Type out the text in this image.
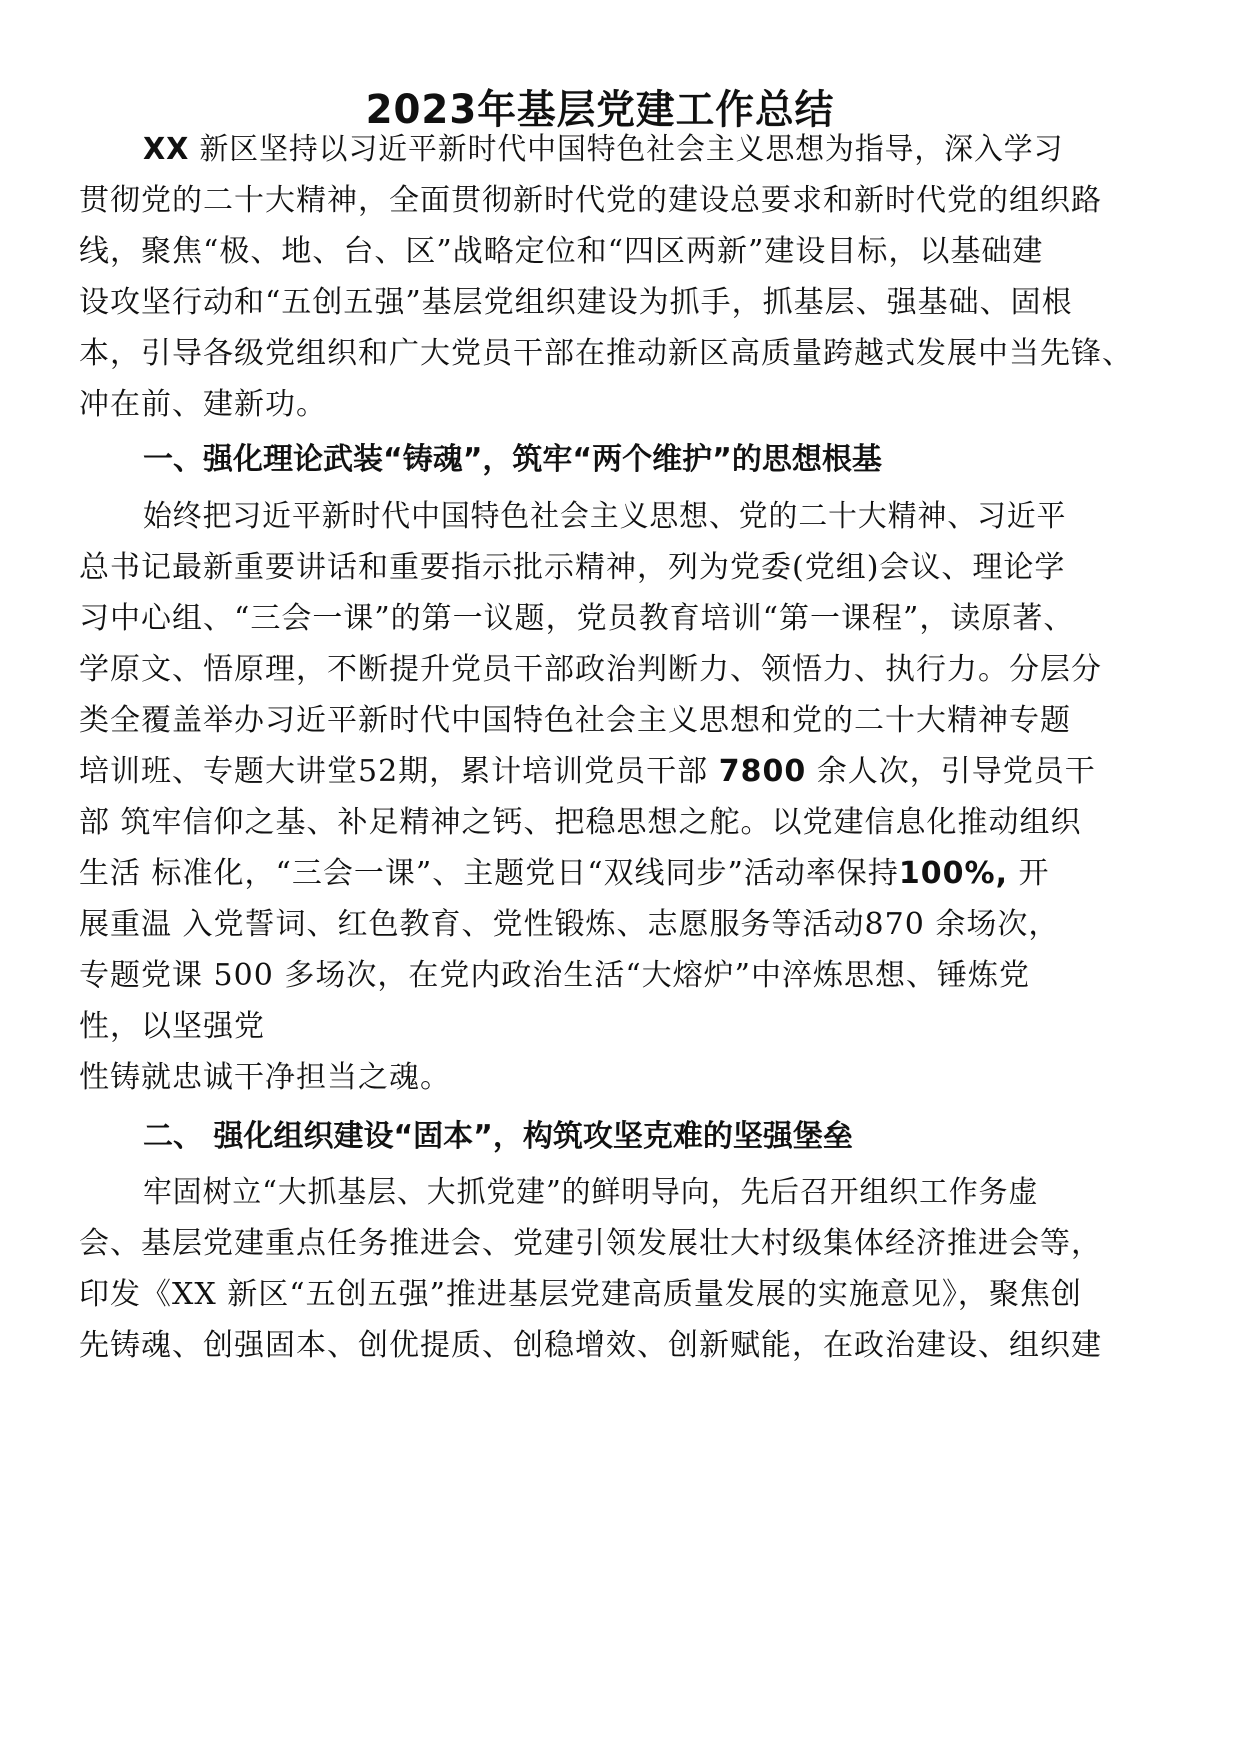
2023年基层党建工作总结
XX 新区坚持以习近平新时代中国特色社会主义思想为指导，深入学习
贯彻党的二十大精神，全面贯彻新时代党的建设总要求和新时代党的组织路
线，聚焦“极、地、台、区”战略定位和“四区两新”建设目标，以基础建
设攻坚行动和“五创五强”基层党组织建设为抓手，抓基层、强基础、固根
本，引导各级党组织和广大党员干部在推动新区高质量跨越式发展中当先锋、
冲在前、建新功。
一、强化理论武装“铸魂”，筑牢“两个维护”的思想根基
始终把习近平新时代中国特色社会主义思想、党的二十大精神、习近平
总书记最新重要讲话和重要指示批示精神，列为党委(党组)会议、理论学
习中心组、“三会一课”的第一议题，党员教育培训“第一课程”，读原著、
学原文、悟原理，不断提升党员干部政治判断力、领悟力、执行力。分层分
类全覆盖举办习近平新时代中国特色社会主义思想和党的二十大精神专题
培训班、专题大讲堂52期，累计培训党员干部 7800 余人次，引导党员干
部 筑牢信仰之基、补足精神之钙、把稳思想之舵。以党建信息化推动组织
生活 标准化，“三会一课”、主题党日“双线同步”活动率保持100%, 开
展重温 入党誓词、红色教育、党性锻炼、志愿服务等活动870 余场次，
专题党课 500 多场次，在党内政治生活“大熔炉”中淬炼思想、锤炼党
性，以坚强党
性铸就忠诚干净担当之魂。
二、 强化组织建设“固本”，构筑攻坚克难的坚强堡垒
牢固树立“大抓基层、大抓党建”的鲜明导向，先后召开组织工作务虚
会、基层党建重点任务推进会、党建引领发展壮大村级集体经济推进会等，
印发《XX 新区“五创五强”推进基层党建高质量发展的实施意见》，聚焦创
先铸魂、创强固本、创优提质、创稳增效、创新赋能，在政治建设、组织建
